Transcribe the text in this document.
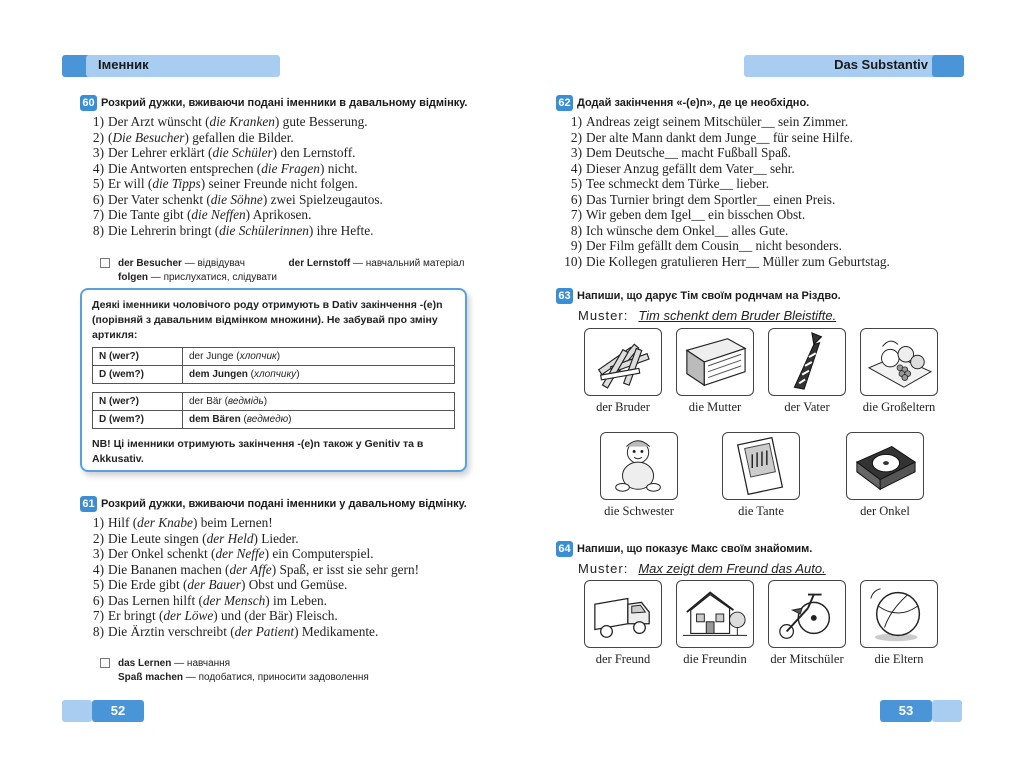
Іменник
60 Розкрий дужки, вживаючи подані іменники в давальному відмінку.
1) Der Arzt wünscht (die Kranken) gute Besserung.
2) (Die Besucher) gefallen die Bilder.
3) Der Lehrer erklärt (die Schüler) den Lernstoff.
4) Die Antworten entsprechen (die Fragen) nicht.
5) Er will (die Tipps) seiner Freunde nicht folgen.
6) Der Vater schenkt (die Söhne) zwei Spielzeugautos.
7) Die Tante gibt (die Neffen) Aprikosen.
8) Die Lehrerin bringt (die Schülerinnen) ihre Hefte.
der Besucher — відвідувач	der Lernstoff — навчальний матеріал
folgen — прислухатися, слідувати
Деякі іменники чоловічого роду отримують в Dativ закінчення -(e)n (порівняй з давальним відмінком множини). Не забувай про зміну артикля:
N (wer?)	der Junge (хлопчик)
D (wem?)	dem Jungen (хлопчику)
N (wer?)	der Bär (ведмідь)
D (wem?)	dem Bären (ведмедю)
NB! Ці іменники отримують закінчення -(e)n також у Genitiv та в Akkusativ.
61 Розкрий дужки, вживаючи подані іменники у давальному відмінку.
1) Hilf (der Knabe) beim Lernen!
2) Die Leute singen (der Held) Lieder.
3) Der Onkel schenkt (der Neffe) ein Computerspiel.
4) Die Bananen machen (der Affe) Spaß, er isst sie sehr gern!
5) Die Erde gibt (der Bauer) Obst und Gemüse.
6) Das Lernen hilft (der Mensch) im Leben.
7) Er bringt (der Löwe) und (der Bär) Fleisch.
8) Die Ärztin verschreibt (der Patient) Medikamente.
das Lernen — навчання
Spaß machen — подобатися, приносити задоволення
52
Das Substantiv
62 Додай закінчення «-(e)n», де це необхідно.
1) Andreas zeigt seinem Mitschüler__ sein Zimmer.
2) Der alte Mann dankt dem Junge__ für seine Hilfe.
3) Dem Deutsche__ macht Fußball Spaß.
4) Dieser Anzug gefällt dem Vater__ sehr.
5) Tee schmeckt dem Türke__ lieber.
6) Das Turnier bringt dem Sportler__ einen Preis.
7) Wir geben dem Igel__ ein bisschen Obst.
8) Ich wünsche dem Onkel__ alles Gute.
9) Der Film gefällt dem Cousin__ nicht besonders.
10) Die Kollegen gratulieren Herr__ Müller zum Geburtstag.
63 Напиши, що дарує Тім своїм роднчам на Різдво.
Muster: Tim schenkt dem Bruder Bleistifte.
der Bruder	die Mutter	der Vater	die Großeltern
die Schwester	die Tante	der Onkel
64 Напиши, що показує Макс своїм знайомим.
Muster: Max zeigt dem Freund das Auto.
der Freund	die Freundin	der Mitschüler	die Eltern
53
